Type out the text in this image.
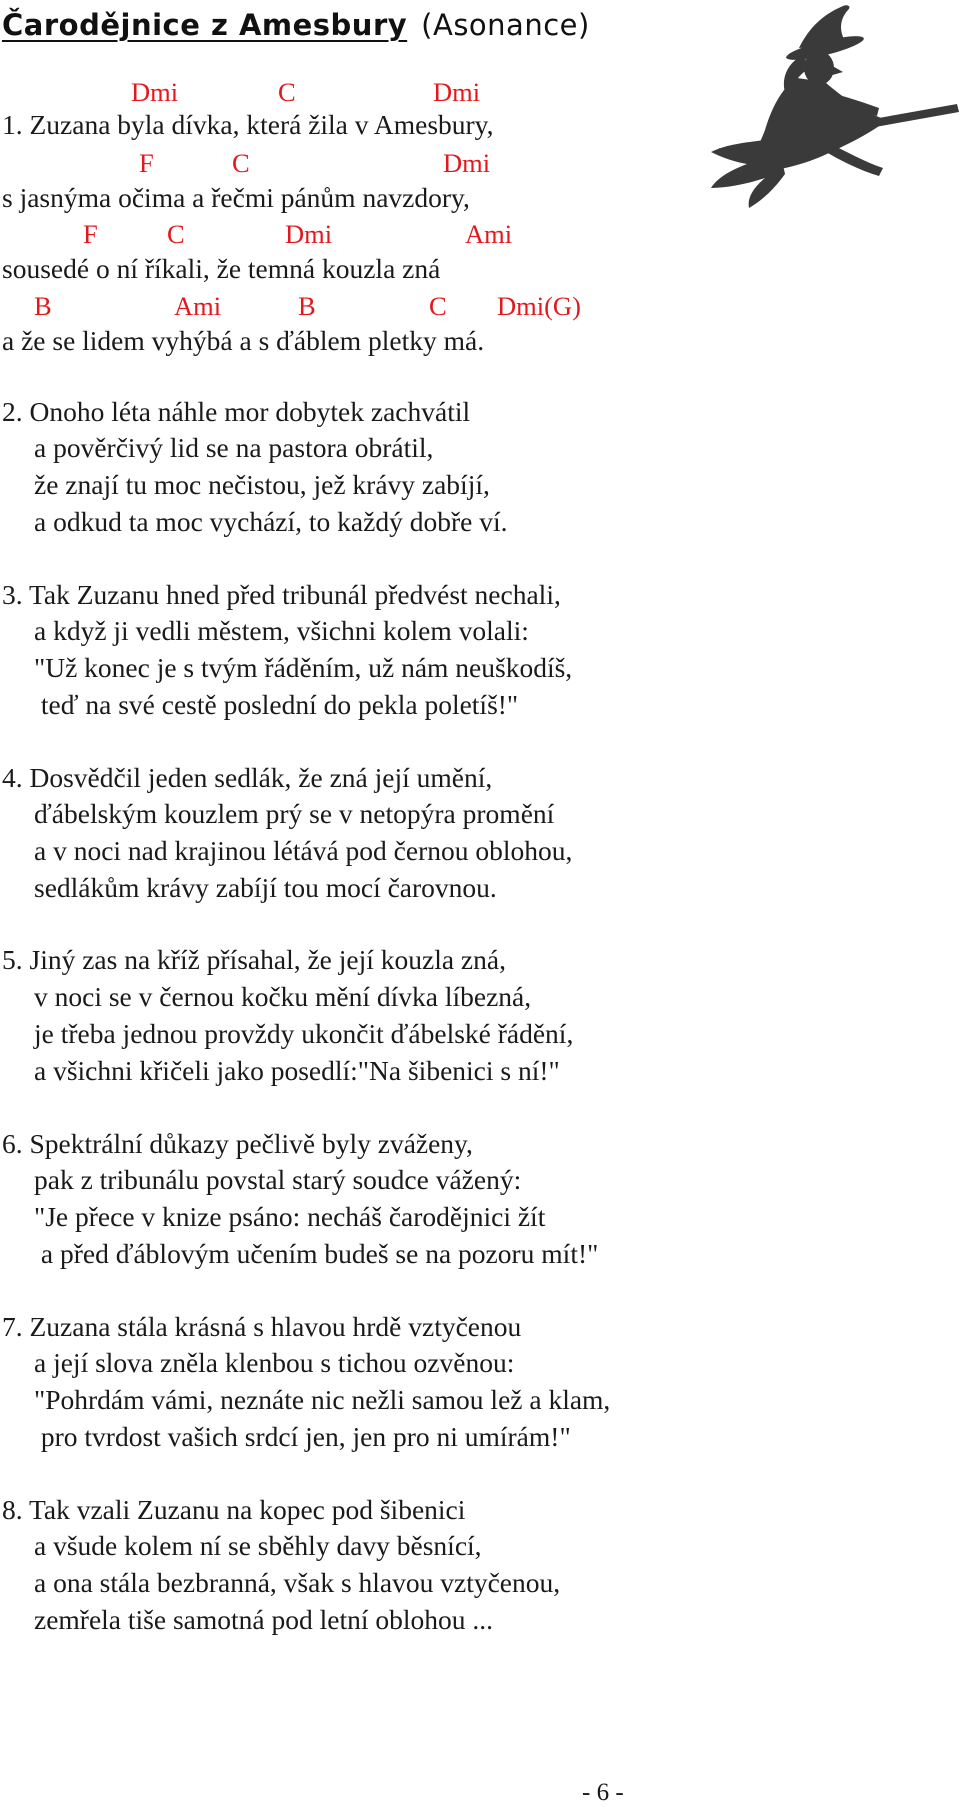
Čarodějnice z Amesbury (Asonance)
Dmi	C	Dmi
1. Zuzana byla dívka, která žila v Amesbury,
F	C	Dmi
s jasnýma očima a řečmi pánům navzdory,
F	C	Dmi	Ami
sousedé o ní říkali, že temná kouzla zná
B	Ami	B	C Dmi(G)
a že se lidem vyhýbá a s ďáblem pletky má.
2. Onoho léta náhle mor dobytek zachvátil
a pověrčivý lid se na pastora obrátil,
že znají tu moc nečistou, jež krávy zabíjí,
a odkud ta moc vychází, to každý dobře ví.
3. Tak Zuzanu hned před tribunál předvést nechali,
a když ji vedli městem, všichni kolem volali:
"Už konec je s tvým řáděním, už nám neuškodíš,
teď na své cestě poslední do pekla poletíš!"
4. Dosvědčil jeden sedlák, že zná její umění,
ďábelským kouzlem prý se v netopýra promění
a v noci nad krajinou létává pod černou oblohou,
sedlákům krávy zabíjí tou mocí čarovnou.
5. Jiný zas na kříž přísahal, že její kouzla zná,
v noci se v černou kočku mění dívka líbezná,
je třeba jednou provždy ukončit ďábelské řádění,
a všichni křičeli jako posedlí:"Na šibenici s ní!"
6. Spektrální důkazy pečlivě byly zváženy,
pak z tribunálu povstal starý soudce vážený:
"Je přece v knize psáno: necháš čarodějnici žít
a před ďáblovým učením budeš se na pozoru mít!"
7. Zuzana stála krásná s hlavou hrdě vztyčenou
a její slova zněla klenbou s tichou ozvěnou:
"Pohrdám vámi, neznáte nic nežli samou lež a klam,
pro tvrdost vašich srdcí jen, jen pro ni umírám!"
8. Tak vzali Zuzanu na kopec pod šibenici
a všude kolem ní se sběhly davy běsnící,
a ona stála bezbranná, však s hlavou vztyčenou,
zemřela tiše samotná pod letní oblohou ...
- 6 -
